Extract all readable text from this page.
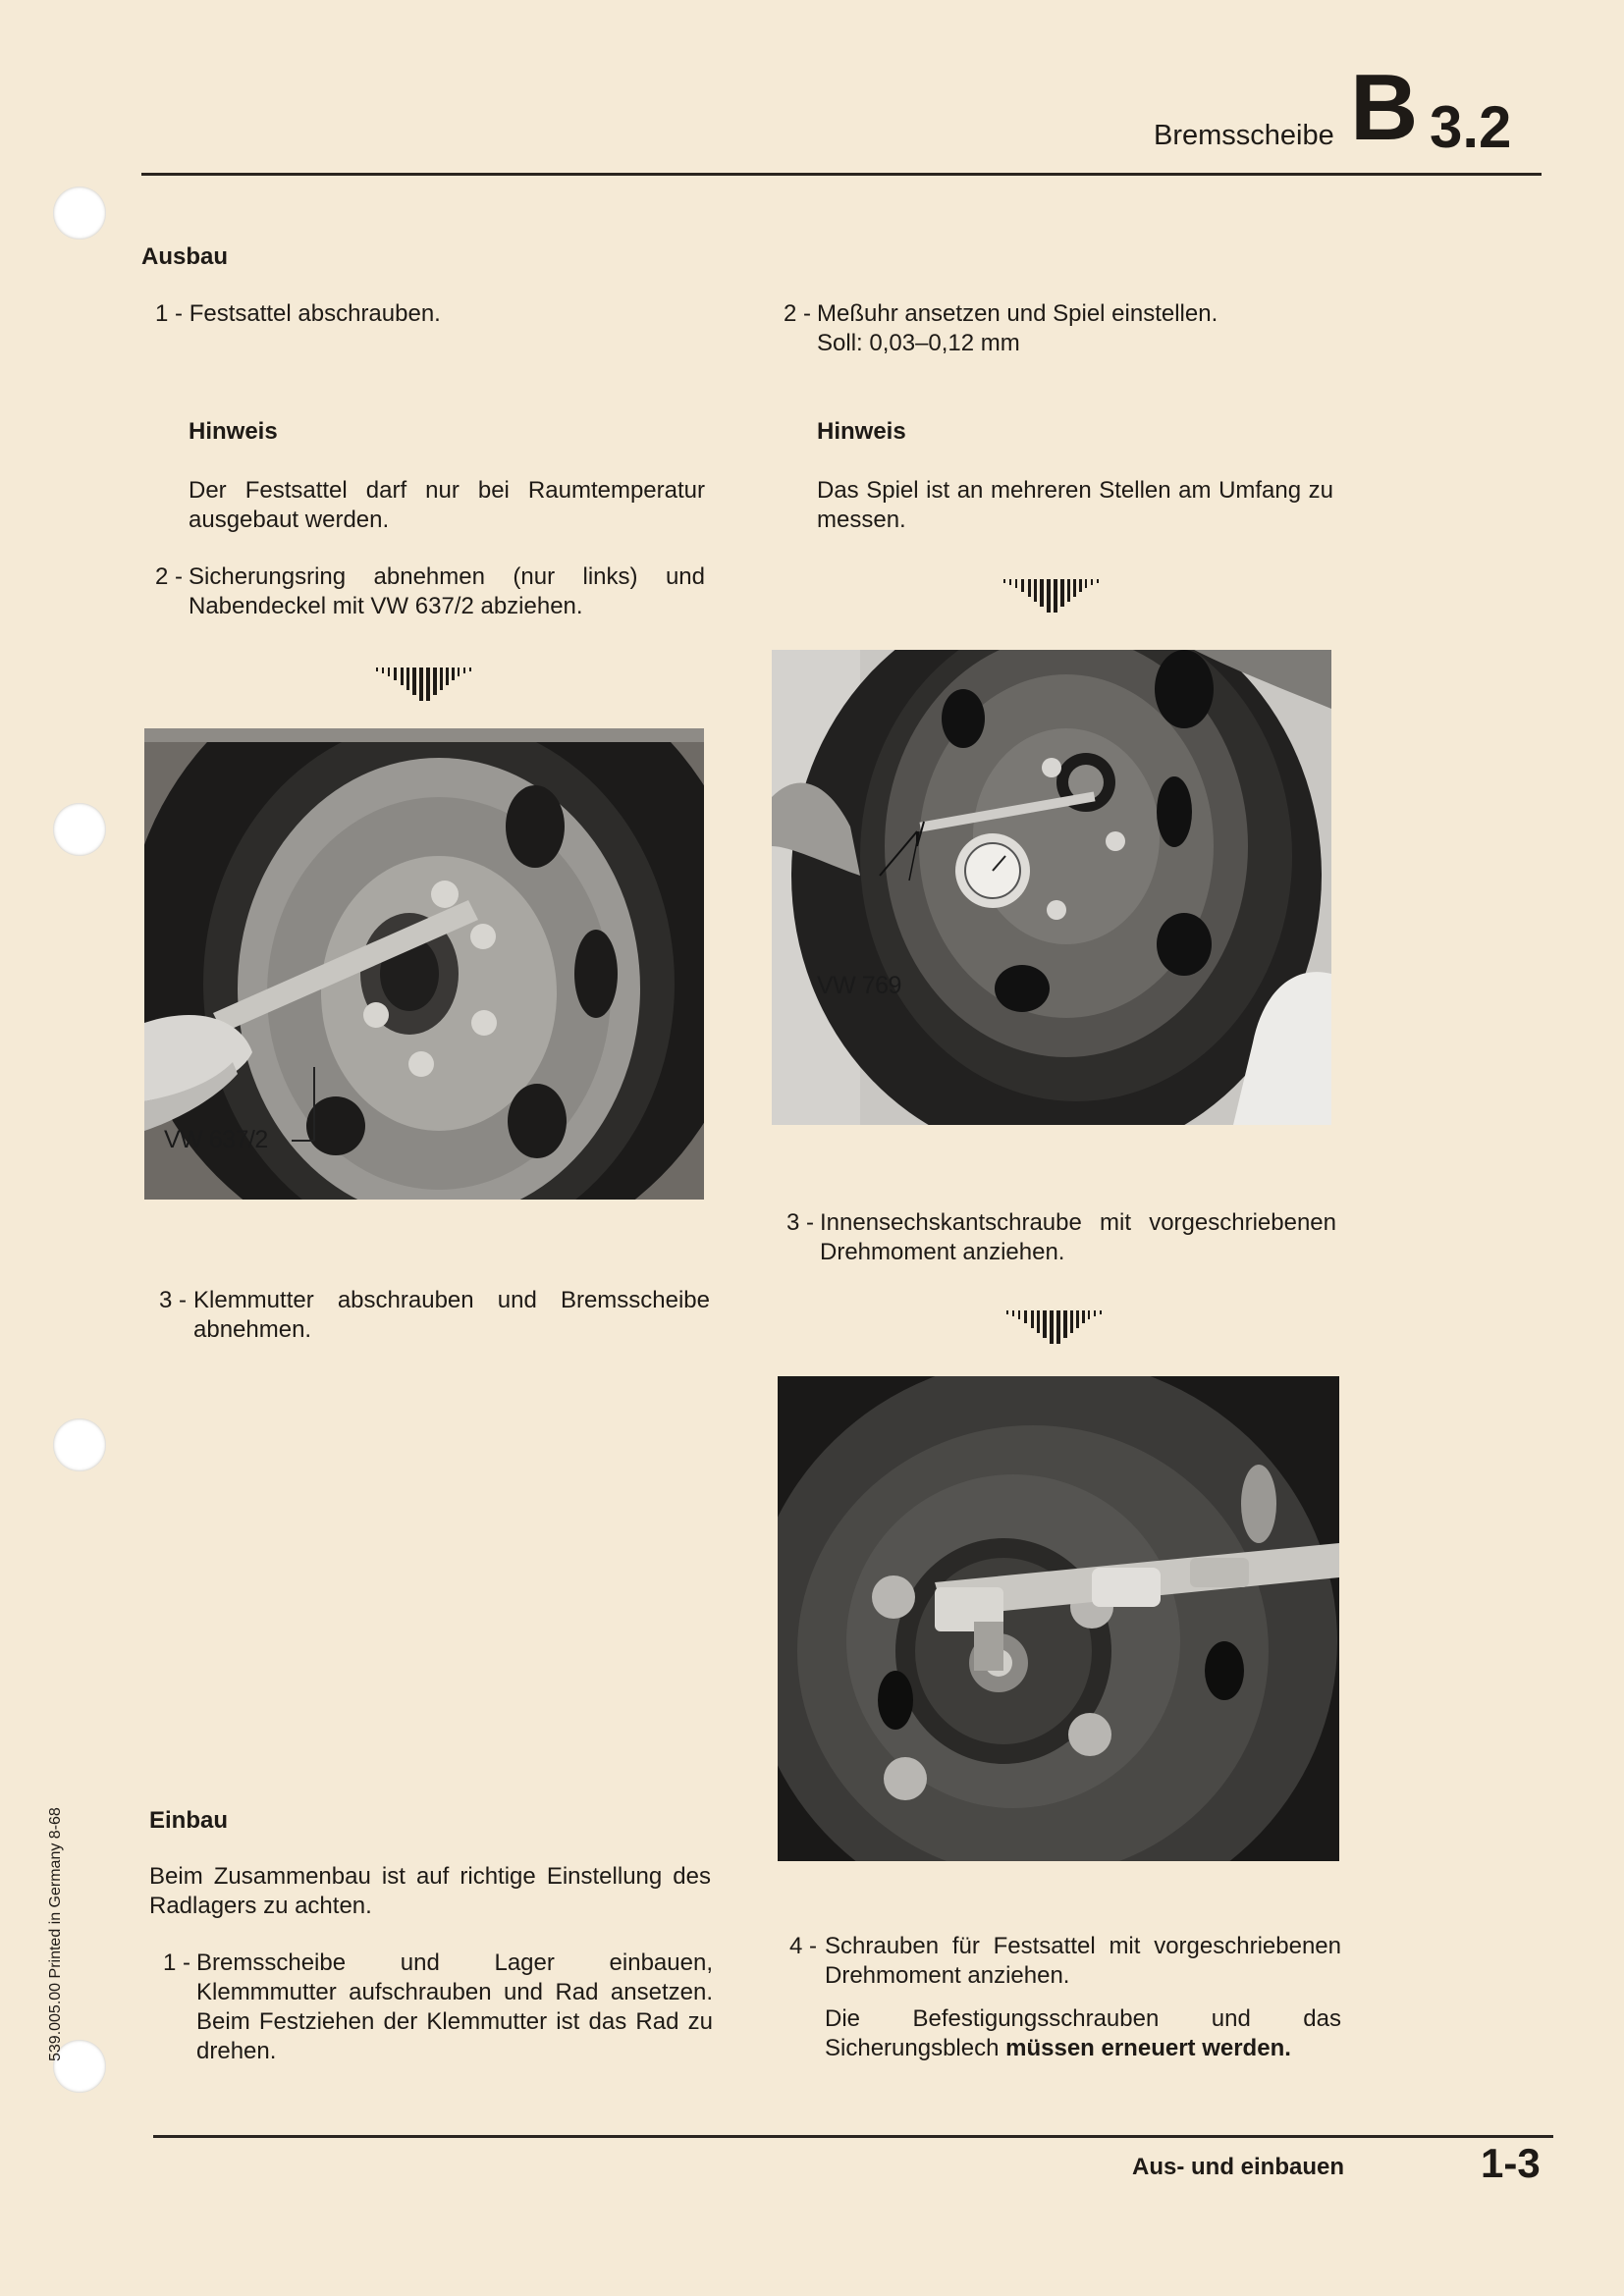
Bremsscheibe B 3.2
Ausbau
1 - Festsattel abschrauben.
Hinweis
Der Festsattel darf nur bei Raumtemperatur ausgebaut werden.
2 - Sicherungsring abnehmen (nur links) und Nabendeckel mit VW 637/2 abziehen.
VW 637/2
3 - Klemmutter abschrauben und Bremsscheibe abnehmen.
Einbau
Beim Zusammenbau ist auf richtige Einstellung des Radlagers zu achten.
1 - Bremsscheibe und Lager einbauen, Klemmmutter aufschrauben und Rad ansetzen. Beim Festziehen der Klemmutter ist das Rad zu drehen.
2 - Meßuhr ansetzen und Spiel einstellen.
Soll: 0,03–0,12 mm
Hinweis
Das Spiel ist an mehreren Stellen am Umfang zu messen.
VW 769
3 - Innensechskantschraube mit vorgeschriebenen Drehmoment anziehen.
4 - Schrauben für Festsattel mit vorgeschriebenen Drehmoment anziehen.
Die Befestigungsschrauben und das Sicherungsblech müssen erneuert werden.
539.005.00 Printed in Germany 8-68
Aus- und einbauen	1-3
